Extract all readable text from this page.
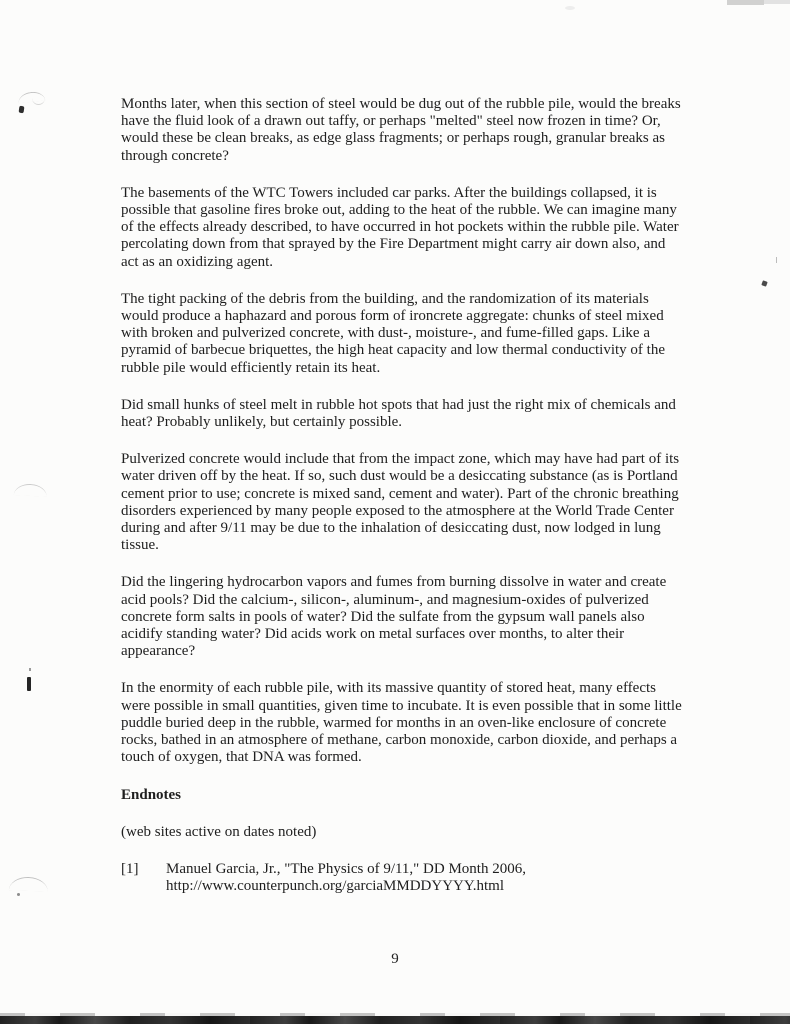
Months later, when this section of steel would be dug out of the rubble pile, would the breaks have the fluid look of a drawn out taffy, or perhaps "melted" steel now frozen in time? Or, would these be clean breaks, as edge glass fragments; or perhaps rough, granular breaks as through concrete?

The basements of the WTC Towers included car parks. After the buildings collapsed, it is possible that gasoline fires broke out, adding to the heat of the rubble. We can imagine many of the effects already described, to have occurred in hot pockets within the rubble pile. Water percolating down from that sprayed by the Fire Department might carry air down also, and act as an oxidizing agent.

The tight packing of the debris from the building, and the randomization of its materials would produce a haphazard and porous form of ironcrete aggregate: chunks of steel mixed with broken and pulverized concrete, with dust-, moisture-, and fume-filled gaps. Like a pyramid of barbecue briquettes, the high heat capacity and low thermal conductivity of the rubble pile would efficiently retain its heat.

Did small hunks of steel melt in rubble hot spots that had just the right mix of chemicals and heat? Probably unlikely, but certainly possible.

Pulverized concrete would include that from the impact zone, which may have had part of its water driven off by the heat. If so, such dust would be a desiccating substance (as is Portland cement prior to use; concrete is mixed sand, cement and water). Part of the chronic breathing disorders experienced by many people exposed to the atmosphere at the World Trade Center during and after 9/11 may be due to the inhalation of desiccating dust, now lodged in lung tissue.

Did the lingering hydrocarbon vapors and fumes from burning dissolve in water and create acid pools? Did the calcium-, silicon-, aluminum-, and magnesium-oxides of pulverized concrete form salts in pools of water? Did the sulfate from the gypsum wall panels also acidify standing water? Did acids work on metal surfaces over months, to alter their appearance?

In the enormity of each rubble pile, with its massive quantity of stored heat, many effects were possible in small quantities, given time to incubate. It is even possible that in some little puddle buried deep in the rubble, warmed for months in an oven-like enclosure of concrete rocks, bathed in an atmosphere of methane, carbon monoxide, carbon dioxide, and perhaps a touch of oxygen, that DNA was formed.

Endnotes

(web sites active on dates noted)

[1]	Manuel Garcia, Jr., "The Physics of 9/11," DD Month 2006,
http://www.counterpunch.org/garciaMMDDYYYY.html
9
